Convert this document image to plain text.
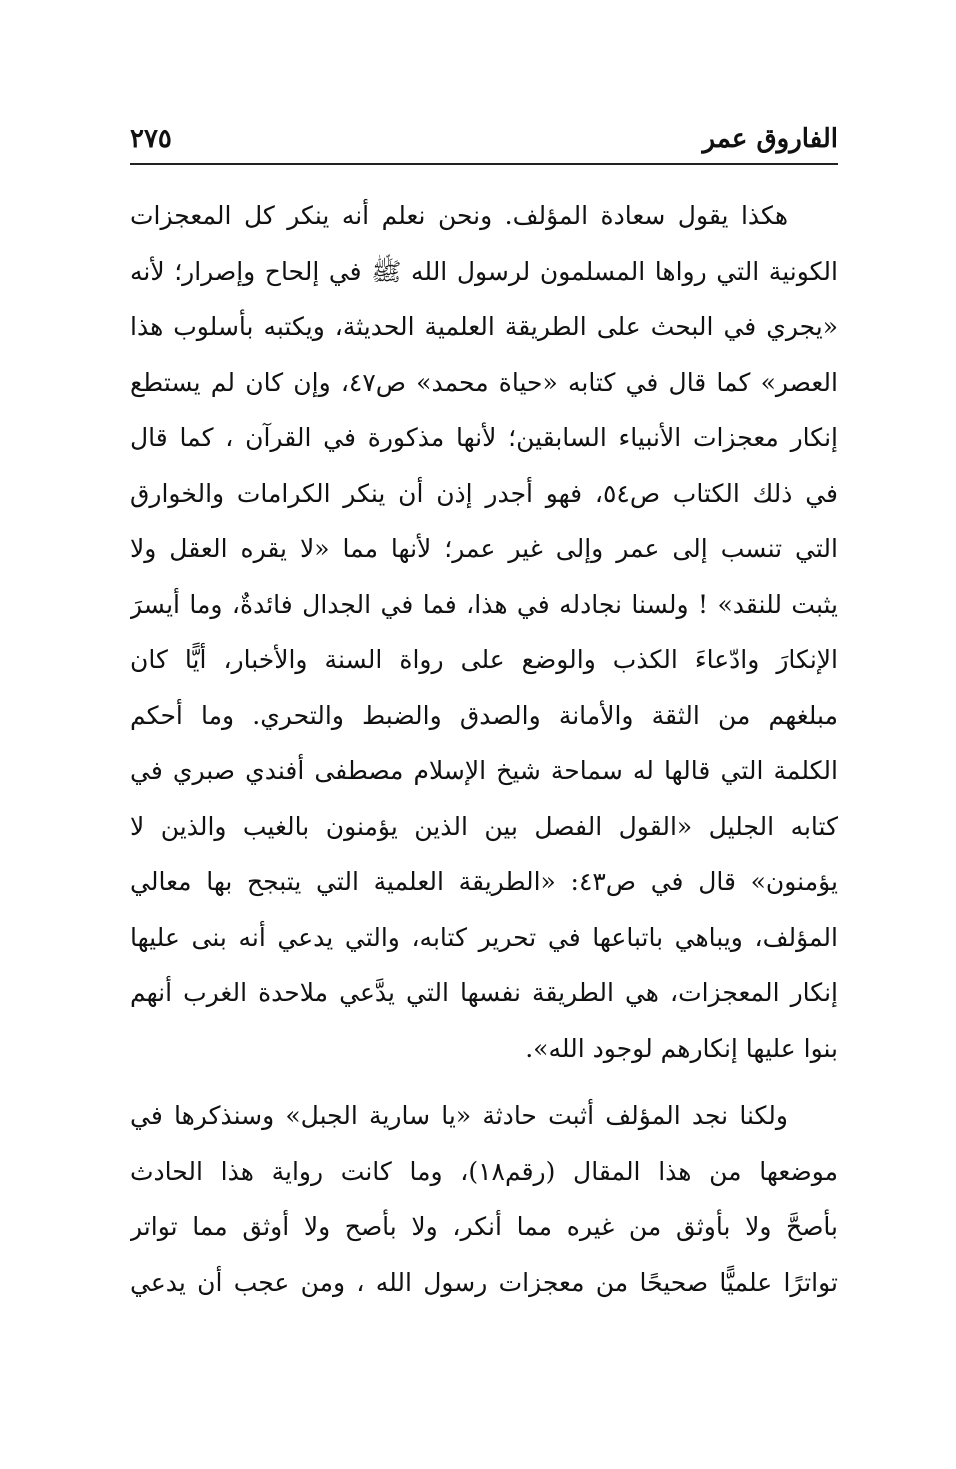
الفاروق عمر
٢٧٥
هكذا يقول سعادة المؤلف. ونحن نعلم أنه ينكر كل المعجزات
الكونية التي رواها المسلمون لرسول الله ﷺ في إلحاح وإصرار؛ لأنه
«يجري في البحث على الطريقة العلمية الحديثة، ويكتبه بأسلوب هذا
العصر» كما قال في كتابه «حياة محمد» ص٤٧، وإن كان لم يستطع
إنكار معجزات الأنبياء السابقين؛ لأنها مذكورة في القرآن ، كما قال
في ذلك الكتاب ص٥٤، فهو أجدر إذن أن ينكر الكرامات والخوارق
التي تنسب إلى عمر وإلى غير عمر؛ لأنها مما «لا يقره العقل ولا
يثبت للنقد» ! ولسنا نجادله في هذا، فما في الجدال فائدةٌ، وما أيسرَ
الإنكارَ وادّعاءَ الكذب والوضع على رواة السنة والأخبار، أيًّا كان
مبلغهم من الثقة والأمانة والصدق والضبط والتحري. وما أحكم
الكلمة التي قالها له سماحة شيخ الإسلام مصطفى أفندي صبري في
كتابه الجليل «القول الفصل بين الذين يؤمنون بالغيب والذين لا
يؤمنون» قال في ص٤٣: «الطريقة العلمية التي يتبجح بها معالي
المؤلف، ويباهي باتباعها في تحرير كتابه، والتي يدعي أنه بنى عليها
إنكار المعجزات، هي الطريقة نفسها التي يدَّعي ملاحدة الغرب أنهم
بنوا عليها إنكارهم لوجود الله».
ولكنا نجد المؤلف أثبت حادثة «يا سارية الجبل» وسنذكرها في
موضعها من هذا المقال (رقم١٨)، وما كانت رواية هذا الحادث
بأصحَّ ولا بأوثق من غيره مما أنكر، ولا بأصح ولا أوثق مما تواتر
تواترًا علميًّا صحيحًا من معجزات رسول الله ، ومن عجب أن يدعي
